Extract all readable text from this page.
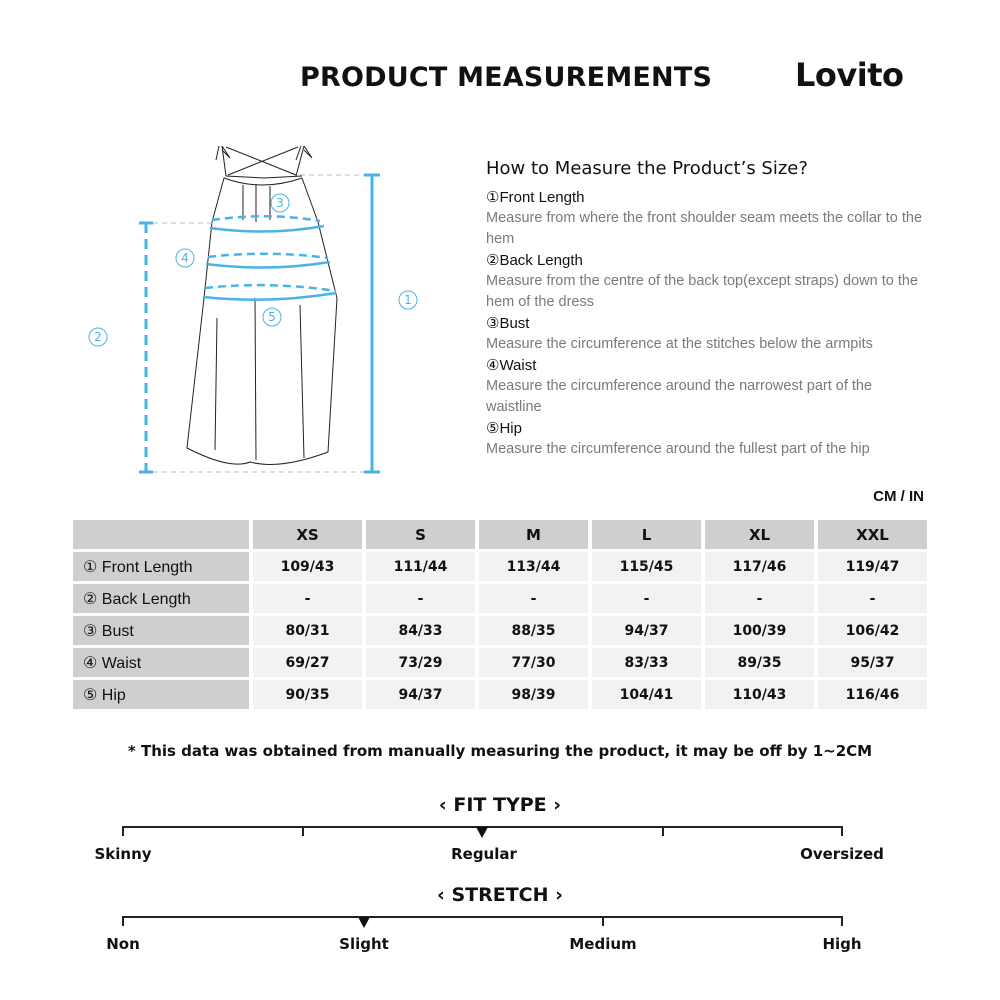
PRODUCT MEASUREMENTS	Lovito
1
2
3
4
5
How to Measure the Product’s Size?
①Front Length
Measure from where the front shoulder seam meets the collar to the hem
②Back Length
Measure from the centre of the back top(except straps) down to the hem of the dress
③Bust
Measure the circumference at the stitches below the armpits
④Waist
Measure the circumference around the narrowest part of the waistline
⑤Hip
Measure the circumference around the fullest part of the hip
CM / IN
	XS	S	M	L	XL	XXL
① Front Length	109/43	111/44	113/44	115/45	117/46	119/47
② Back Length	-	-	-	-	-	-
③ Bust	80/31	84/33	88/35	94/37	100/39	106/42
④ Waist	69/27	73/29	77/30	83/33	89/35	95/37
⑤ Hip	90/35	94/37	98/39	104/41	110/43	116/46
* This data was obtained from manually measuring the product, it may be off by 1~2CM
‹ FIT TYPE ›
Skinny	Regular	Oversized
‹ STRETCH ›
Non	Slight	Medium	High
